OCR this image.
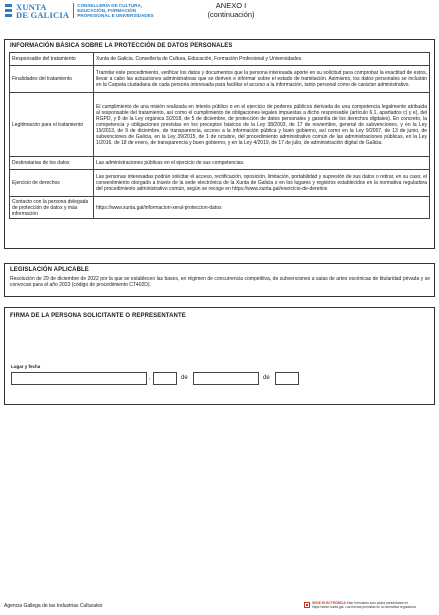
XUNTA
DE GALICIA
CONSELLERÍA DE CULTURA,
EDUCACIÓN, FORMACIÓN
PROFESIONAL E UNIVERSIDADES
ANEXO I
(continuación)
INFORMACIÓN BÁSICA SOBRE LA PROTECCIÓN DE DATOS PERSONALES
Responsable del tratamiento	Xunta de Galicia. Consellería de Cultura, Educación, Formación Profesional y Universidades.
Finalidades del tratamiento	Tramitar este procedimiento, verificar los datos y documentos que la persona interesada aporte en su solicitud para comprobar la exactitud de estos, llevar a cabo las actuaciones administrativas que se deriven e informar sobre el estado de tramitación. Asimismo, los datos personales se incluirán en la Carpeta ciudadana de cada persona interesada para facilitar el acceso a la información, tanto personal como de carácter administrativo.
Legitimación para el tratamiento	El cumplimiento de una misión realizada en interés público o en el ejercicio de poderes públicos derivada de una competencia legalmente atribuida al responsable del tratamiento, así como el cumplimiento de obligaciones legales impuestas a dicho responsable (artículo 6.1, apartados c) y e), del RGPD, y 8 de la Ley orgánica 3/2018, de 5 de diciembre, de protección de datos personales y garantía de los derechos digitales). En concreto, la competencia y obligaciones previstas en los preceptos básicos de la Ley 38/2003, de 17 de noviembre, general de subvenciones, y en la Ley 19/2013, de 9 de diciembre, de transparencia, acceso a la información pública y buen gobierno, así como en la Ley 9/2007, de 13 de junio, de subvenciones de Galicia, en la Ley 39/2015, de 1 de octubre, del procedimiento administrativo común de las administraciones públicas, en la Ley 1/2016, de 18 de enero, de transparencia y buen gobierno, y en la Ley 4/2019, de 17 de julio, de administración digital de Galicia.
Destinatarias de los datos	Las administraciones públicas en el ejercicio de sus competencias.
Ejercicio de derechos	Las personas interesadas podrán solicitar el acceso, rectificación, oposición, limitación, portabilidad y supresión de sus datos o retirar, en su caso, el consentimiento otorgado a través de la sede electrónica de la Xunta de Galicia o en los lugares y registros establecidos en la normativa reguladora del procedimiento administrativo común, según se recoge en https://www.xunta.gal/exercicio-de-dereitos
Contacto con la persona delegada de protección de datos y más información	https://www.xunta.gal/informacion-xeral-proteccion-datos
LEGISLACIÓN APLICABLE
Resolución de 29 de diciembre de 2022 por la que se establecen las bases, en régimen de concurrencia competitiva, de subvenciones a salas de artes escénicas de titularidad privada y se convocan para el año 2023 (código de procedimiento CT402D).
FIRMA DE LA PERSONA SOLICITANTE O REPRESENTANTE
Lugar y fecha
,	de	de
Agencia Gallega de las Industrias Culturales	SEDE ELECTRÓNICA Este formulario solo podrá presentarse en https://sede.xunta.gal. Las formas previstas en la normativa reguladora
